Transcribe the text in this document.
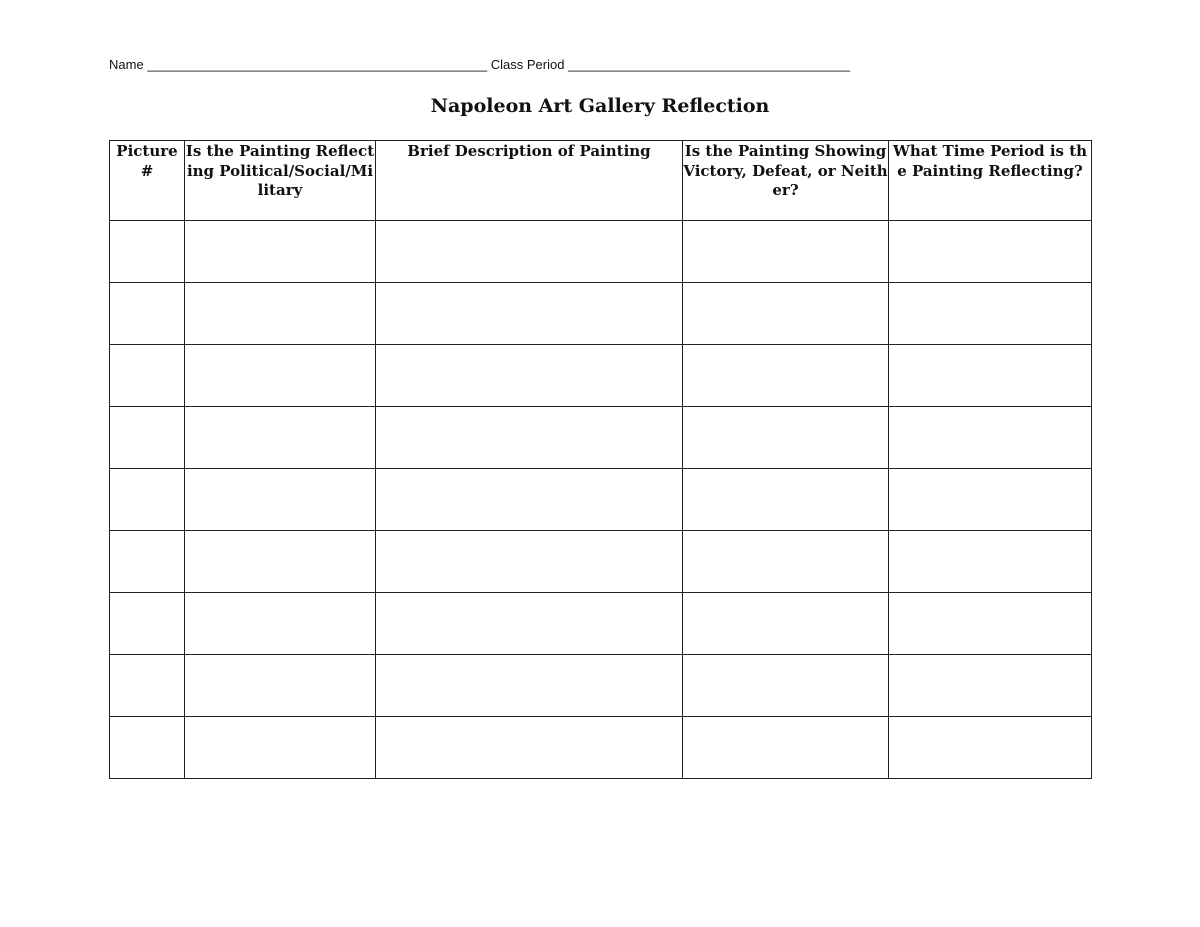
Name _______________________________________________ Class Period _______________________________________
Napoleon Art Gallery Reflection
Picture #	Is the Painting Reflecting Political/Social/Military	Brief Description of Painting	Is the Painting Showing Victory, Defeat, or Neither?	What Time Period is the Painting Reflecting?
